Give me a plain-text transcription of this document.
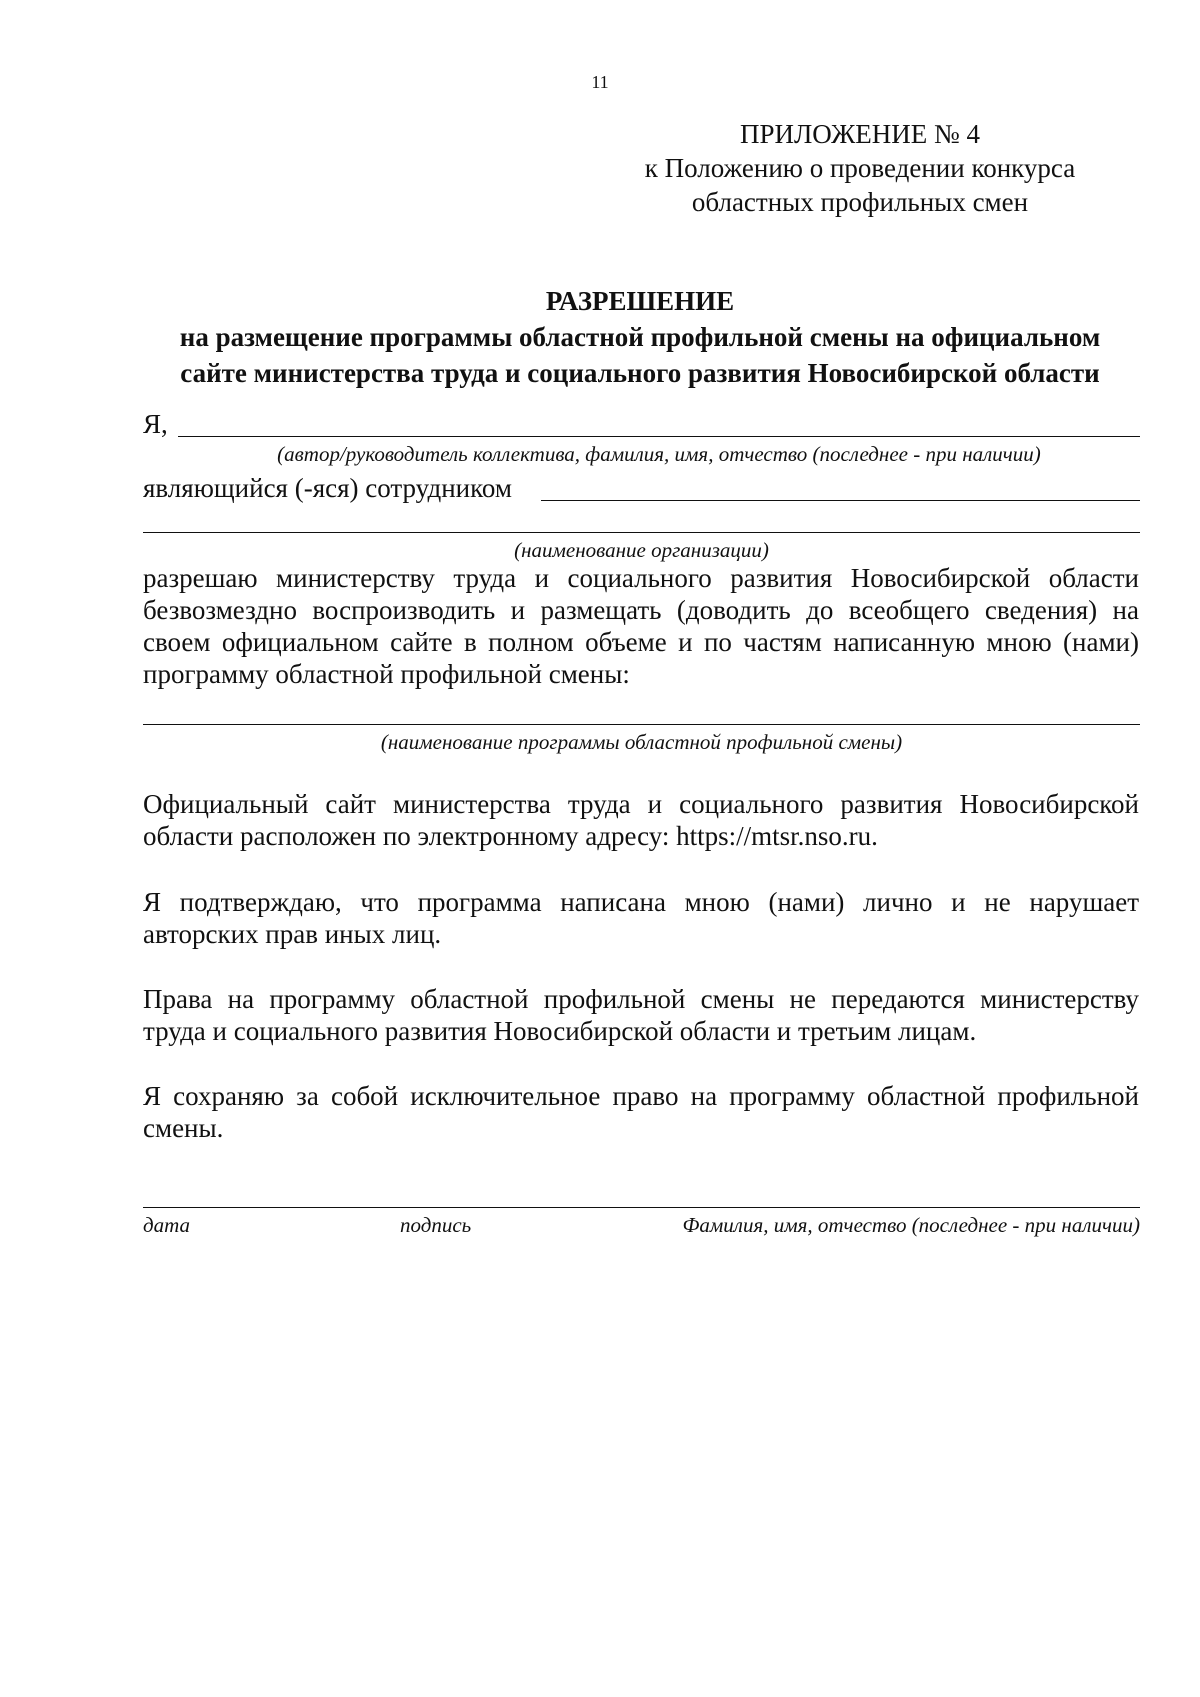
11
ПРИЛОЖЕНИЕ № 4
к Положению о проведении конкурса
областных профильных смен
РАЗРЕШЕНИЕ
на размещение программы областной профильной смены на официальном
сайте министерства труда и социального развития Новосибирской области
Я,
(автор/руководитель коллектива, фамилия, имя, отчество (последнее - при наличии)
являющийся (-яся) сотрудником
(наименование организации)
разрешаю министерству труда и социального развития Новосибирской области безвозмездно воспроизводить и размещать (доводить до всеобщего сведения) на своем официальном сайте в полном объеме и по частям написанную мною (нами) программу областной профильной смены:
(наименование программы областной профильной смены)
Официальный сайт министерства труда и социального развития Новосибирской области расположен по электронному адресу: https://mtsr.nso.ru.
Я подтверждаю, что программа написана мною (нами) лично и не нарушает авторских прав иных лиц.
Права на программу областной профильной смены не передаются министерству труда и социального развития Новосибирской области и третьим лицам.
Я сохраняю за собой исключительное право на программу областной профильной смены.
дата	подпись	Фамилия, имя, отчество (последнее - при наличии)
